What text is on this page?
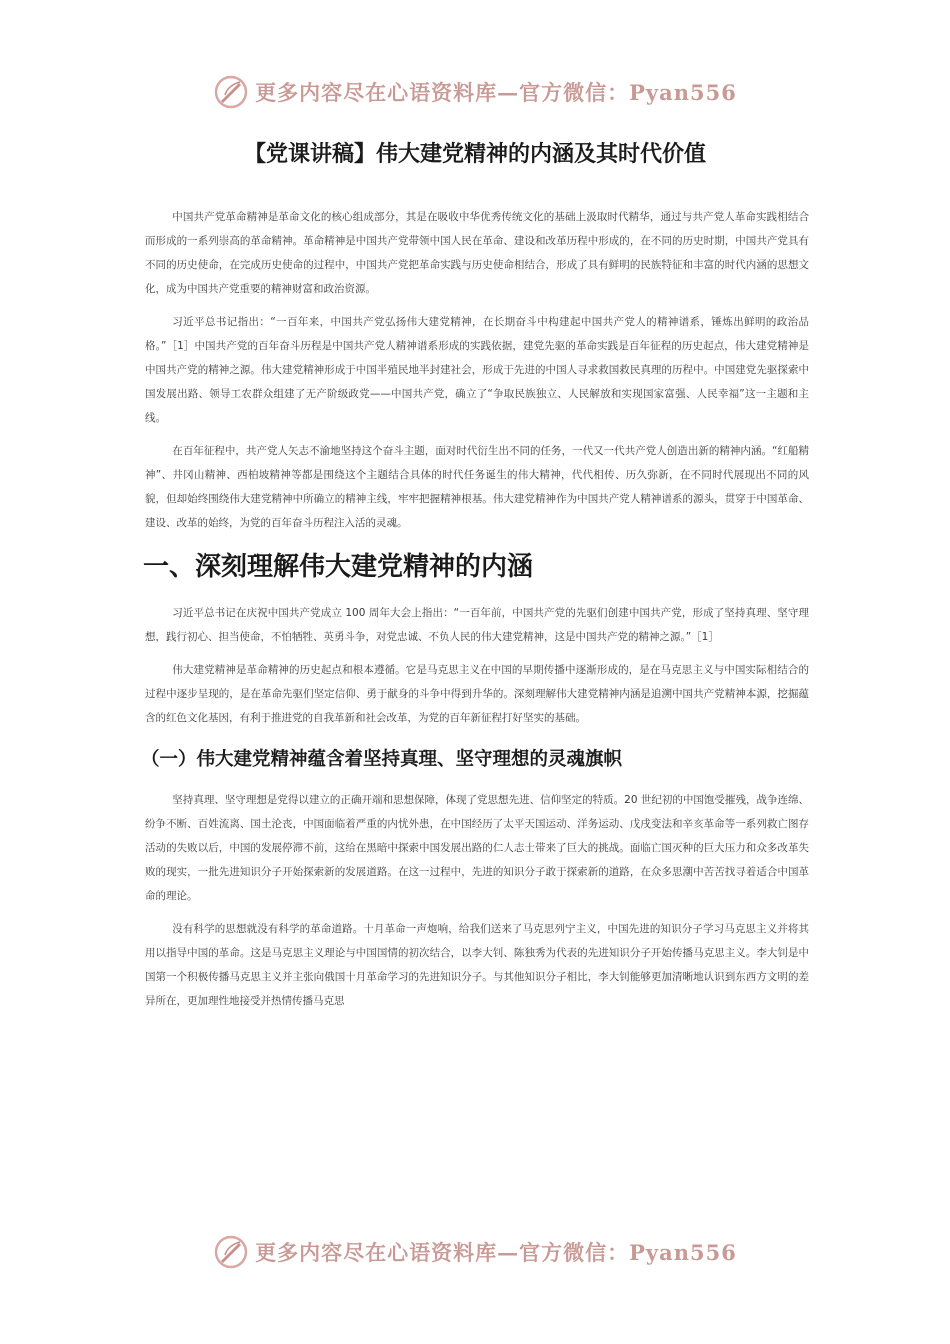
更多内容尽在心语资料库—官方微信：Pyan556
【党课讲稿】伟大建党精神的内涵及其时代价值

中国共产党革命精神是革命文化的核心组成部分，其是在吸收中华优秀传统文化的基础上汲取时代精华，通过与共产党人革命实践相结合而形成的一系列崇高的革命精神。革命精神是中国共产党带领中国人民在革命、建设和改革历程中形成的，在不同的历史时期，中国共产党具有不同的历史使命，在完成历史使命的过程中，中国共产党把革命实践与历史使命相结合，形成了具有鲜明的民族特征和丰富的时代内涵的思想文化，成为中国共产党重要的精神财富和政治资源。

习近平总书记指出：“一百年来，中国共产党弘扬伟大建党精神，在长期奋斗中构建起中国共产党人的精神谱系，锤炼出鲜明的政治品格。”［1］中国共产党的百年奋斗历程是中国共产党人精神谱系形成的实践依据，建党先驱的革命实践是百年征程的历史起点，伟大建党精神是中国共产党的精神之源。伟大建党精神形成于中国半殖民地半封建社会，形成于先进的中国人寻求救国救民真理的历程中。中国建党先驱探索中国发展出路、领导工农群众组建了无产阶级政党——中国共产党，确立了“争取民族独立、人民解放和实现国家富强、人民幸福”这一主题和主线。

在百年征程中，共产党人矢志不渝地坚持这个奋斗主题，面对时代衍生出不同的任务，一代又一代共产党人创造出新的精神内涵。“红船精神”、井冈山精神、西柏坡精神等都是围绕这个主题结合具体的时代任务诞生的伟大精神，代代相传、历久弥新，在不同时代展现出不同的风貌，但却始终围绕伟大建党精神中所确立的精神主线，牢牢把握精神根基。伟大建党精神作为中国共产党人精神谱系的源头，贯穿于中国革命、建设、改革的始终，为党的百年奋斗历程注入活的灵魂。

一、深刻理解伟大建党精神的内涵

习近平总书记在庆祝中国共产党成立 100 周年大会上指出：“一百年前，中国共产党的先驱们创建中国共产党，形成了坚持真理、坚守理想，践行初心、担当使命，不怕牺牲、英勇斗争，对党忠诚、不负人民的伟大建党精神，这是中国共产党的精神之源。”［1］

伟大建党精神是革命精神的历史起点和根本遵循。它是马克思主义在中国的早期传播中逐渐形成的，是在马克思主义与中国实际相结合的过程中逐步呈现的，是在革命先驱们坚定信仰、勇于献身的斗争中得到升华的。深刻理解伟大建党精神内涵是追溯中国共产党精神本源，挖掘蕴含的红色文化基因，有利于推进党的自我革新和社会改革，为党的百年新征程打好坚实的基础。

（一）伟大建党精神蕴含着坚持真理、坚守理想的灵魂旗帜

坚持真理、坚守理想是党得以建立的正确开端和思想保障，体现了党思想先进、信仰坚定的特质。20 世纪初的中国饱受摧残，战争连绵、纷争不断、百姓流离、国土沦丧，中国面临着严重的内忧外患，在中国经历了太平天国运动、洋务运动、戊戌变法和辛亥革命等一系列救亡图存活动的失败以后，中国的发展停滞不前，这给在黑暗中探索中国发展出路的仁人志士带来了巨大的挑战。面临亡国灭种的巨大压力和众多改革失败的现实，一批先进知识分子开始探索新的发展道路。在这一过程中，先进的知识分子敢于探索新的道路，在众多思潮中苦苦找寻着适合中国革命的理论。

没有科学的思想就没有科学的革命道路。十月革命一声炮响，给我们送来了马克思列宁主义，中国先进的知识分子学习马克思主义并将其用以指导中国的革命。这是马克思主义理论与中国国情的初次结合，以李大钊、陈独秀为代表的先进知识分子开始传播马克思主义。李大钊是中国第一个积极传播马克思主义并主张向俄国十月革命学习的先进知识分子。与其他知识分子相比，李大钊能够更加清晰地认识到东西方文明的差异所在，更加理性地接受并热情传播马克思

更多内容尽在心语资料库—官方微信：Pyan556
